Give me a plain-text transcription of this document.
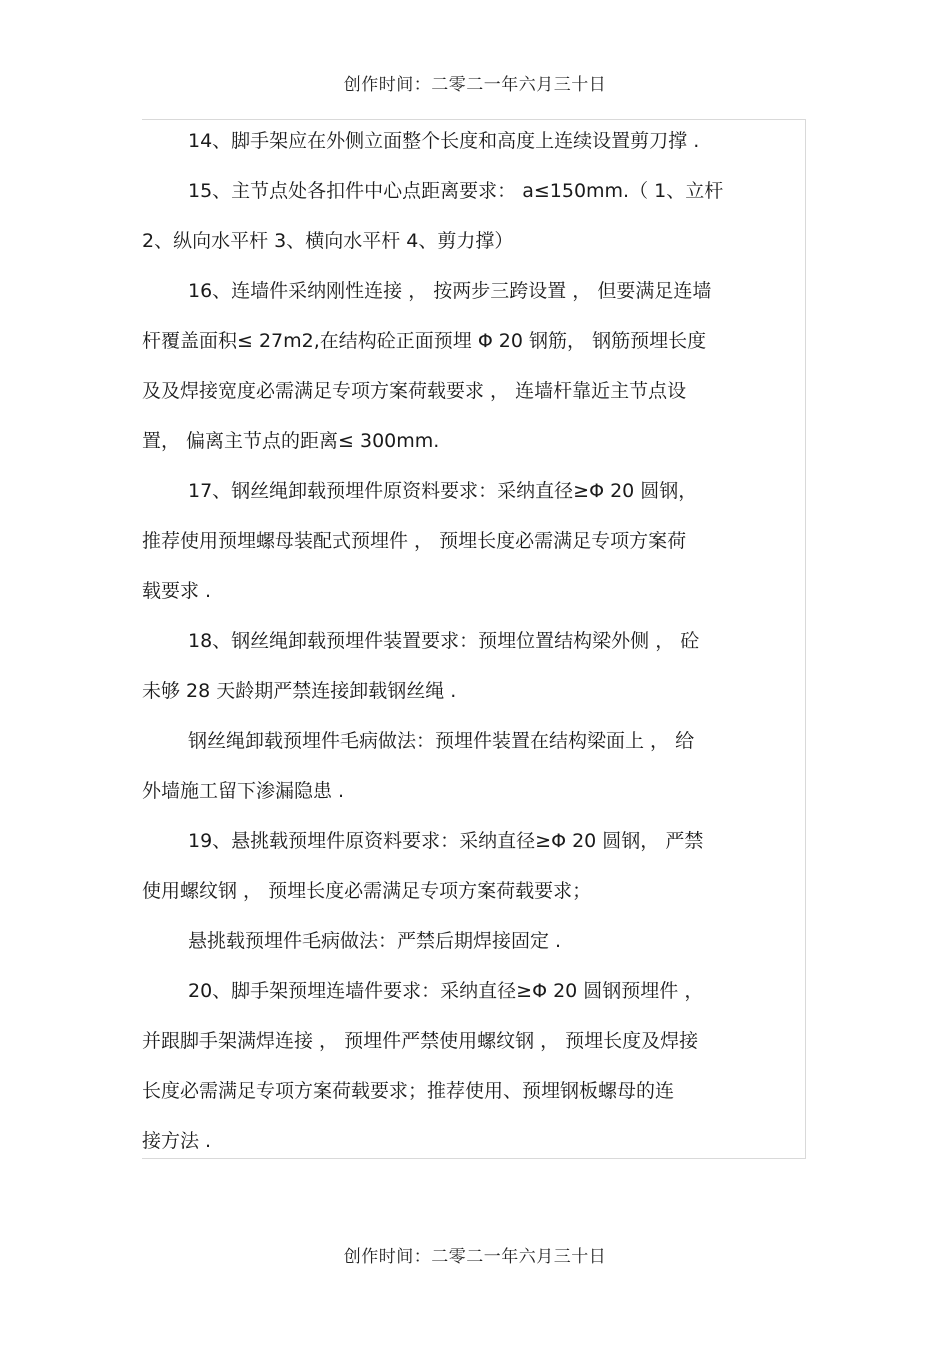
创作时间：二零二一年六月三十日
14、脚手架应在外侧立面整个长度和高度上连续设置剪刀撑 .
15、主节点处各扣件中心点距离要求： a≤150mm.（ 1、立杆
2、纵向水平杆 3、横向水平杆 4、剪力撑）
16、连墙件采纳刚性连接 ， 按两步三跨设置 ， 但要满足连墙
杆覆盖面积≤ 27m2,在结构砼正面预埋 Φ 20 钢筋， 钢筋预埋长度
及及焊接宽度必需满足专项方案荷载要求 ， 连墙杆靠近主节点设
置， 偏离主节点的距离≤ 300mm.
17、钢丝绳卸载预埋件原资料要求：采纳直径≥Φ 20 圆钢，
推荐使用预埋螺母装配式预埋件 ， 预埋长度必需满足专项方案荷
载要求 .
18、钢丝绳卸载预埋件装置要求：预埋位置结构梁外侧 ， 砼
未够 28 天龄期严禁连接卸载钢丝绳 .
钢丝绳卸载预埋件毛病做法：预埋件装置在结构梁面上 ， 给
外墙施工留下渗漏隐患 .
19、悬挑载预埋件原资料要求：采纳直径≥Φ 20 圆钢， 严禁
使用螺纹钢 ， 预埋长度必需满足专项方案荷载要求；
悬挑载预埋件毛病做法：严禁后期焊接固定 .
20、脚手架预埋连墙件要求：采纳直径≥Φ 20 圆钢预埋件 ，
并跟脚手架满焊连接 ， 预埋件严禁使用螺纹钢 ， 预埋长度及焊接
长度必需满足专项方案荷载要求；推荐使用、预埋钢板螺母的连
接方法 .
创作时间：二零二一年六月三十日
